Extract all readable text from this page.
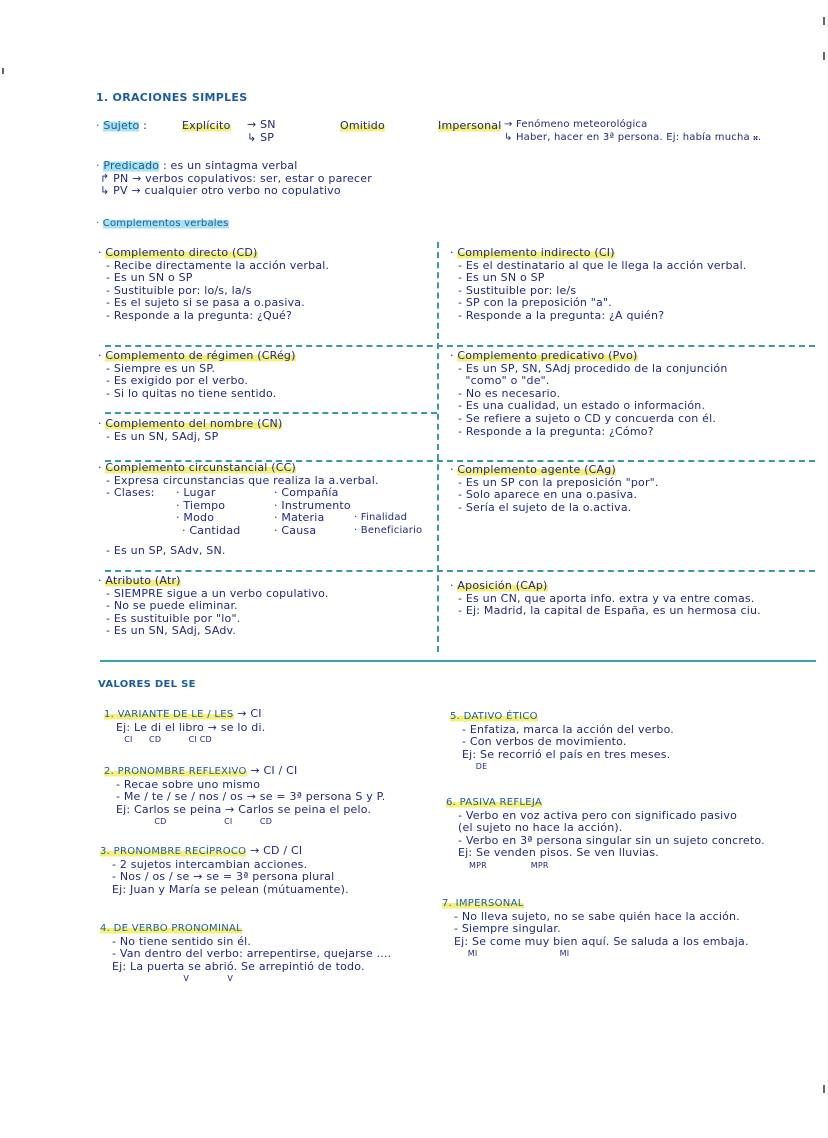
1. ORACIONES SIMPLES
· Sujeto :	Explícito → SN
↳ SP
Omitido	Impersonal → Fenómeno meteorológica
↳ Haber, hacer en 3ª persona. Ej: había mucha 𝄪.
· Predicado : es un sintagma verbal
↱ PN → verbos copulativos: ser, estar o parecer
↳ PV → cualquier otro verbo no copulativo
· Complementos verbales
· Complemento directo (CD)
- Recibe directamente la acción verbal.
- Es un SN o SP
- Sustituible por: lo/s, la/s
- Es el sujeto si se pasa a o.pasiva.
- Responde a la pregunta: ¿Qué?
· Complemento indirecto (CI)
- Es el destinatario al que le llega la acción verbal.
- Es un SN o SP
- Sustituible por: le/s
- SP con la preposición "a".
- Responde a la pregunta: ¿A quién?
· Complemento de régimen (CRég)
- Siempre es un SP.
- Es exigido por el verbo.
- Si lo quitas no tiene sentido.
· Complemento predicativo (Pvo)
- Es un SP, SN, SAdj procedido de la conjunción
"como" o "de".
- No es necesario.
- Es una cualidad, un estado o información.
- Se refiere a sujeto o CD y concuerda con él.
- Responde a la pregunta: ¿Cómo?
· Complemento del nombre (CN)
- Es un SN, SAdj, SP
· Complemento circunstancial (CC)
- Expresa circunstancias que realiza la a.verbal.
- Clases:	· Lugar
· Tiempo
· Modo
· Cantidad
· Compañía
· Instrumento
· Materia
· Causa
· Finalidad
· Beneficiario
- Es un SP, SAdv, SN.
· Complemento agente (CAg)
- Es un SP con la preposición "por".
- Solo aparece en una o.pasiva.
- Sería el sujeto de la o.activa.
· Atributo (Atr)
- SIEMPRE sigue a un verbo copulativo.
- No se puede eliminar.
- Es sustituible por "lo".
- Es un SN, SAdj, SAdv.
· Aposición (CAp)
- Es un CN, que aporta info. extra y va entre comas.
- Ej: Madrid, la capital de España, es un hermosa ciu.
VALORES DEL SE
1. VARIANTE DE LE / LES → CI
Ej: Le di el libro → se lo di.
CI      CD          CI CD
2. PRONOMBRE REFLEXIVO → CI / CI
- Recae sobre uno mismo
- Me / te / se / nos / os → se = 3ª persona S y P.
Ej: Carlos se peina → Carlos se peina el pelo.
CD                     CI          CD
3. PRONOMBRE RECÍPROCO → CD / CI
- 2 sujetos intercambian acciones.
- Nos / os / se → se = 3ª persona plural
Ej: Juan y María se pelean (mútuamente).
4. DE VERBO PRONOMINAL
- No tiene sentido sin él.
- Van dentro del verbo: arrepentirse, quejarse ....
Ej: La puerta se abrió. Se arrepintió de todo.
V              V
5. DATIVO ÉTICO
- Enfatiza, marca la acción del verbo.
- Con verbos de movimiento.
Ej: Se recorrió el país en tres meses.
DE
6. PASIVA REFLEJA
- Verbo en voz activa pero con significado pasivo
(el sujeto no hace la acción).
- Verbo en 3ª persona singular sin un sujeto concreto.
Ej: Se venden pisos. Se ven lluvias.
MPR                MPR
7. IMPERSONAL
- No lleva sujeto, no se sabe quién hace la acción.
- Siempre singular.
Ej: Se come muy bien aquí. Se saluda a los embaja.
MI                              MI
